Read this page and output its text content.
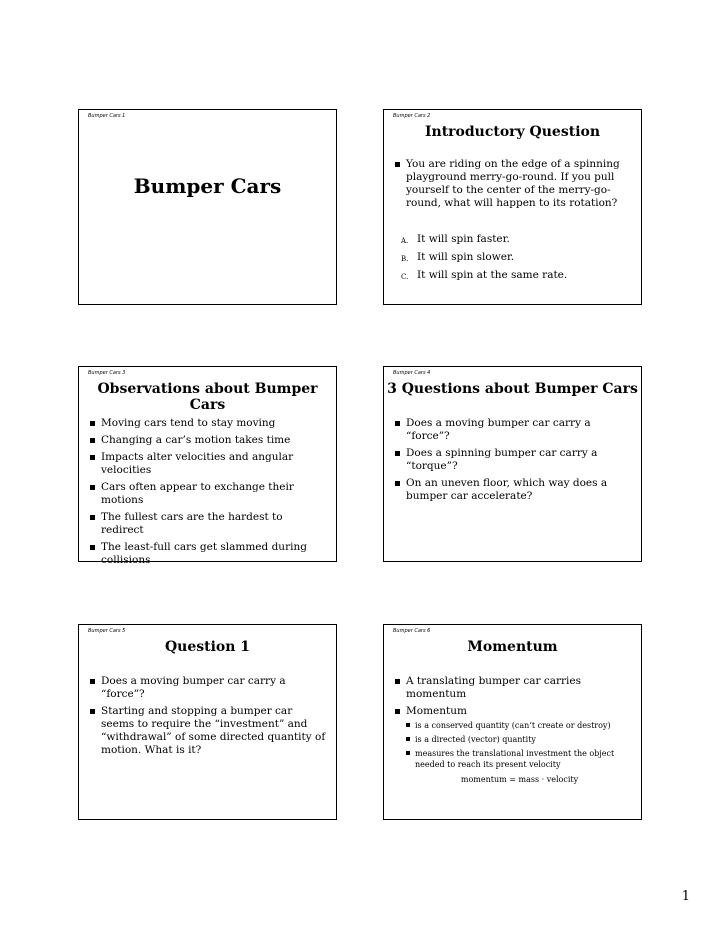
Bumper Cars 1
Bumper Cars
Bumper Cars 2
Introductory Question
You are riding on the edge of a spinning playground merry-go-round. If you pull yourself to the center of the merry-go-round, what will happen to its rotation?
A. It will spin faster.
B. It will spin slower.
C. It will spin at the same rate.
Bumper Cars 3
Observations about Bumper Cars
Moving cars tend to stay moving
Changing a car’s motion takes time
Impacts alter velocities and angular velocities
Cars often appear to exchange their motions
The fullest cars are the hardest to redirect
The least-full cars get slammed during collisions
Bumper Cars 4
3 Questions about Bumper Cars
Does a moving bumper car carry a “force”?
Does a spinning bumper car carry a “torque”?
On an uneven floor, which way does a bumper car accelerate?
Bumper Cars 5
Question 1
Does a moving bumper car carry a “force”?
Starting and stopping a bumper car seems to require the “investment” and “withdrawal” of some directed quantity of motion. What is it?
Bumper Cars 6
Momentum
A translating bumper car carries momentum
Momentum
is a conserved quantity (can’t create or destroy)
is a directed (vector) quantity
measures the translational investment the object needed to reach its present velocity
momentum = mass · velocity
1
